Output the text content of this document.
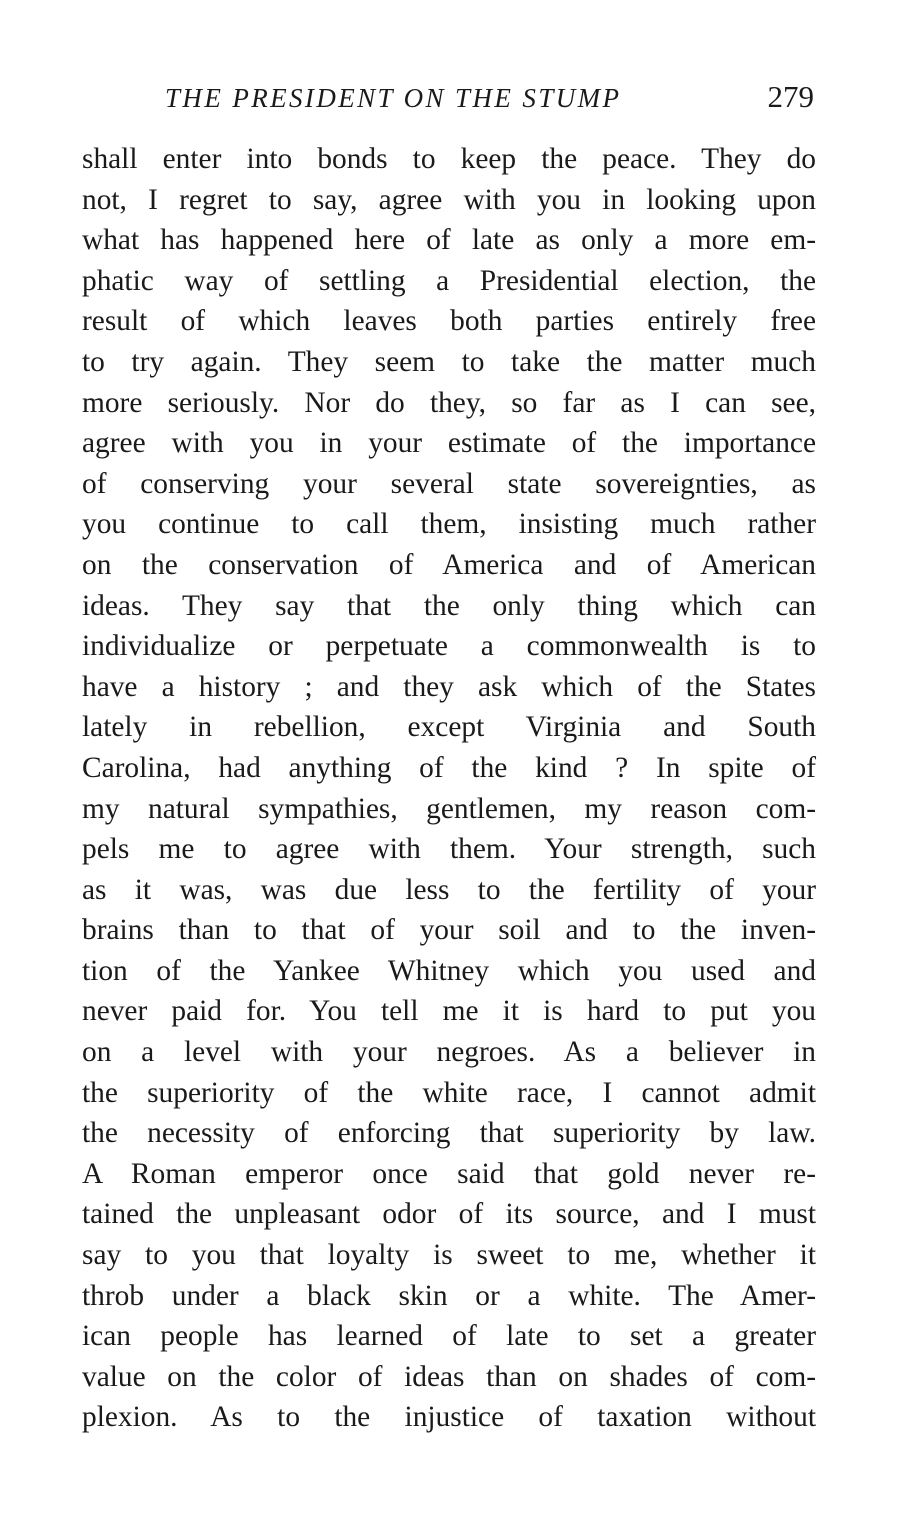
THE PRESIDENT ON THE STUMP	279
shall enter into bonds to keep the peace. They do
not, I regret to say, agree with you in looking upon
what has happened here of late as only a more em-
phatic way of settling a Presidential election, the
result of which leaves both parties entirely free
to try again. They seem to take the matter much
more seriously. Nor do they, so far as I can see,
agree with you in your estimate of the importance
of conserving your several state sovereignties, as
you continue to call them, insisting much rather
on the conservation of America and of American
ideas. They say that the only thing which can
individualize or perpetuate a commonwealth is to
have a history ; and they ask which of the States
lately in rebellion, except Virginia and South
Carolina, had anything of the kind ? In spite of
my natural sympathies, gentlemen, my reason com-
pels me to agree with them. Your strength, such
as it was, was due less to the fertility of your
brains than to that of your soil and to the inven-
tion of the Yankee Whitney which you used and
never paid for. You tell me it is hard to put you
on a level with your negroes. As a believer in
the superiority of the white race, I cannot admit
the necessity of enforcing that superiority by law.
A Roman emperor once said that gold never re-
tained the unpleasant odor of its source, and I must
say to you that loyalty is sweet to me, whether it
throb under a black skin or a white. The Amer-
ican people has learned of late to set a greater
value on the color of ideas than on shades of com-
plexion. As to the injustice of taxation without
